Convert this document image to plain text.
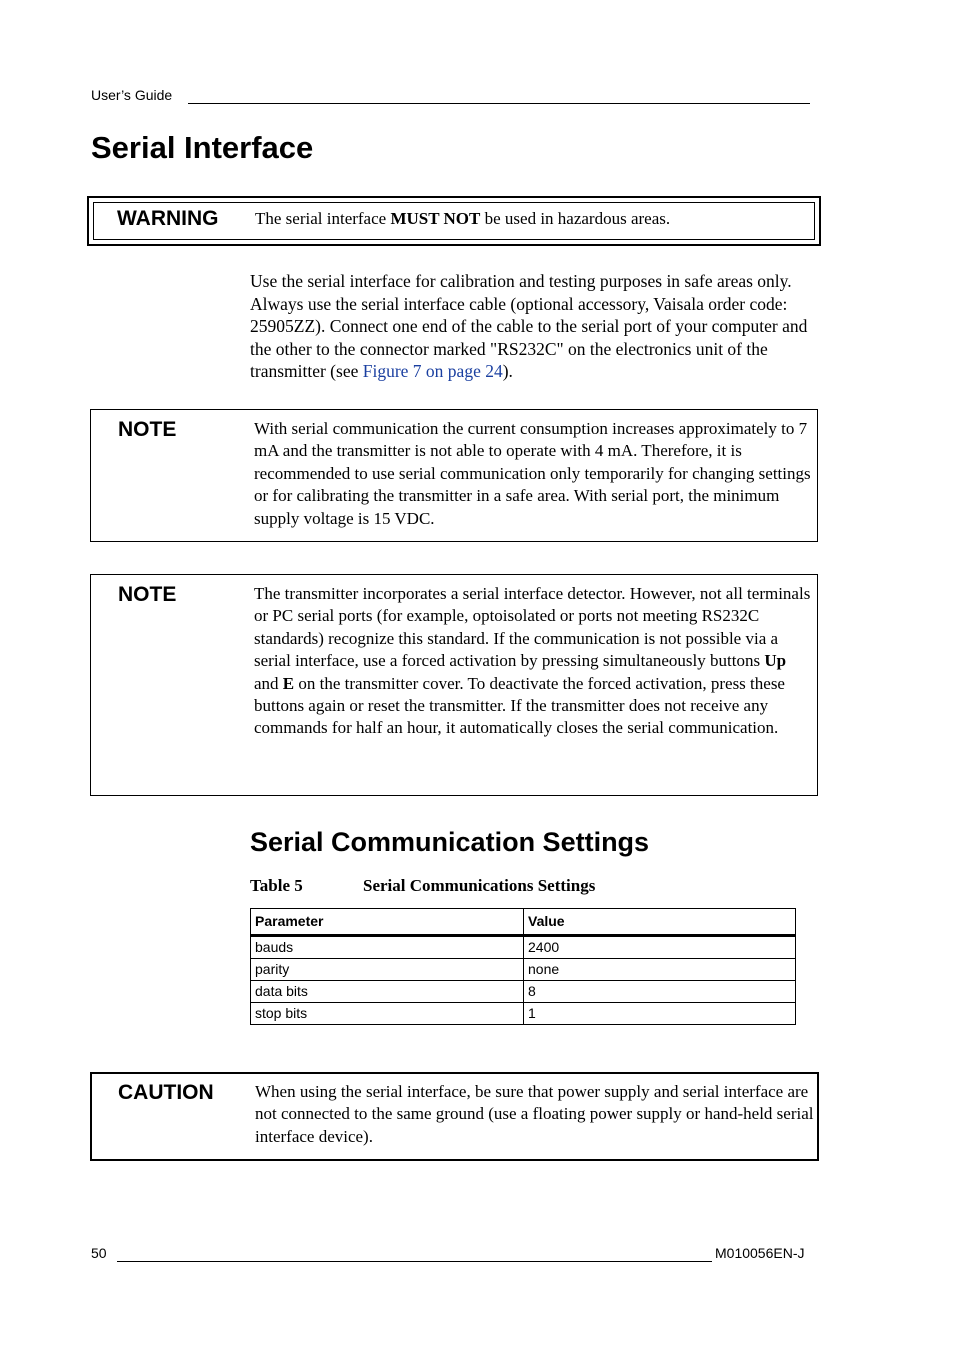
User’s Guide
Serial Interface
WARNING The serial interface MUST NOT be used in hazardous areas.

Use the serial interface for calibration and testing purposes in safe areas only. Always use the serial interface cable (optional accessory, Vaisala order code: 25905ZZ). Connect one end of the cable to the serial port of your computer and the other to the connector marked "RS232C" on the electronics unit of the transmitter (see Figure 7 on page 24).

NOTE	With serial communication the current consumption increases approximately to 7 mA and the transmitter is not able to operate with 4 mA. Therefore, it is recommended to use serial communication only temporarily for changing settings or for calibrating the transmitter in a safe area. With serial port, the minimum supply voltage is 15 VDC.

NOTE	The transmitter incorporates a serial interface detector. However, not all terminals or PC serial ports (for example, optoisolated or ports not meeting RS232C standards) recognize this standard. If the communication is not possible via a serial interface, use a forced activation by pressing simultaneously buttons Up and E on the transmitter cover. To deactivate the forced activation, press these buttons again or reset the transmitter. If the transmitter does not receive any commands for half an hour, it automatically closes the serial communication.

Serial Communication Settings
Table 5	Serial Communications Settings
Parameter	Value
bauds	2400
parity	none
data bits	8
stop bits	1
CAUTION When using the serial interface, be sure that power supply and serial interface are not connected to the same ground (use a floating power supply or hand-held serial interface device).

50	M010056EN-J
